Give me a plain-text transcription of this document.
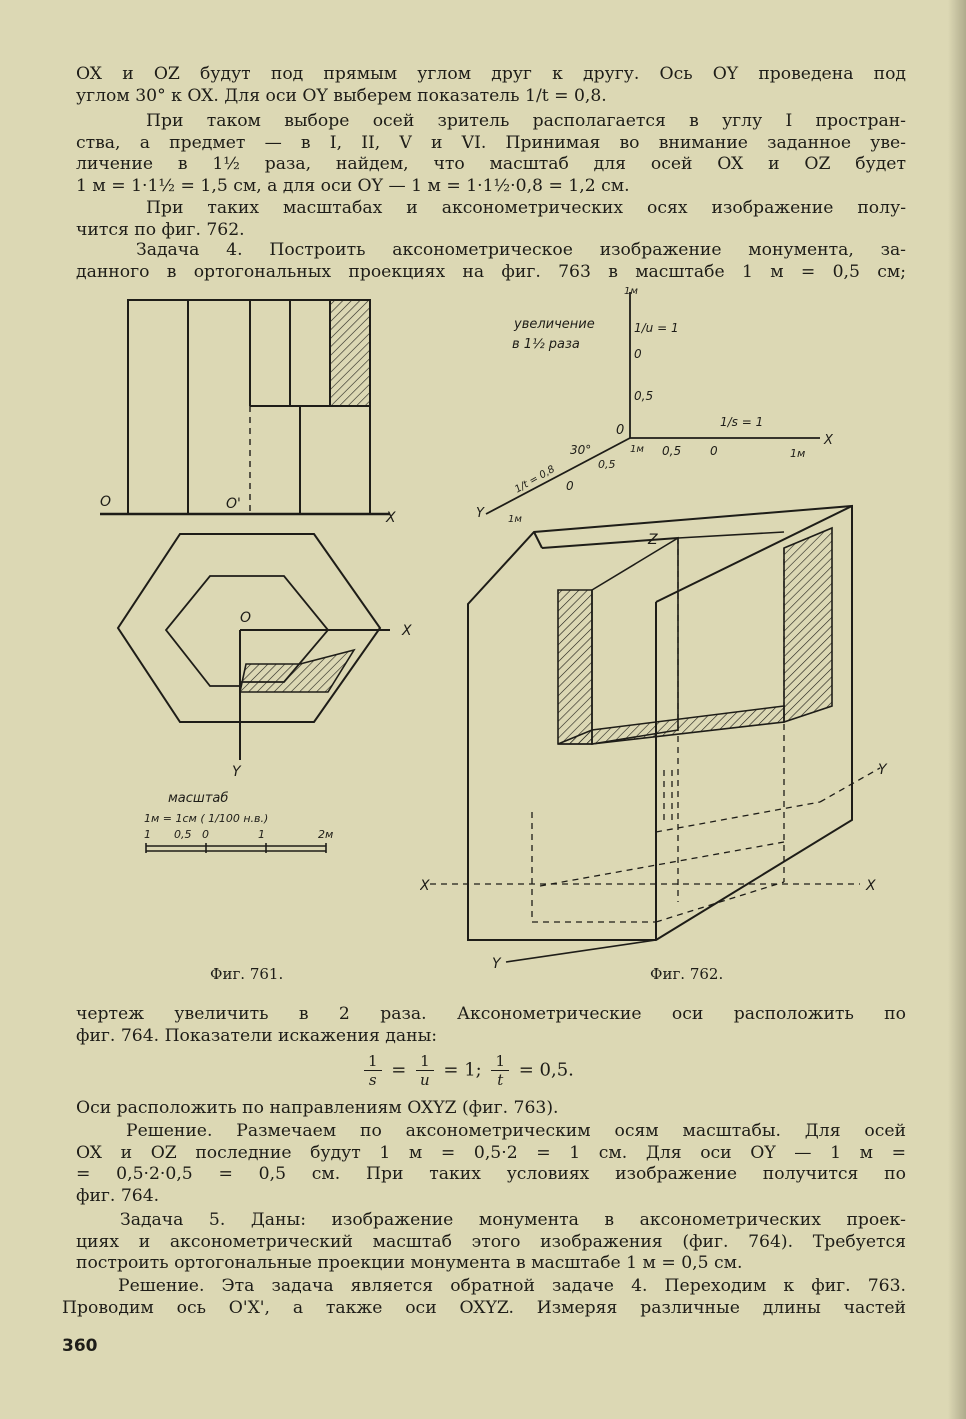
OX и OZ будут под прямым углом друг к другу. Ось OY проведена под
углом 30° к OX. Для оси OY выберем показатель 1/t = 0,8.
При таком выборе осей зритель располагается в углу I простран-
ства, а предмет — в I, II, V и VI. Принимая во внимание заданное уве-
личение в 1½ раза, найдем, что масштаб для осей OX и OZ будет
1 м = 1·1½ = 1,5 см, а для оси OY — 1 м = 1·1½·0,8 = 1,2 см.
При таких масштабах и аксонометрических осях изображение полу-
чится по фиг. 762.
Задача 4. Построить аксонометрическое изображение монумента, за-
данного в ортогональных проекциях на фиг. 763 в масштабе 1 м = 0,5 см;
O	O'
X
O
X
Y
масштаб
1м = 1см ( 1/100 н.в.)
1 0,5 0	1	2м
Фиг. 761.
1м
1/u = 1
0
0,5
0
увеличение
в 1½ раза
1/s = 1
X
0,5 0	1м
1м
30°
0,5
0
1/t = 0,8
Y 1м
Z
X	X
Y
Y
Фиг. 762.
чертеж увеличить в 2 раза. Аксонометрические оси расположить по
фиг. 764. Показатели искажения даны:
$\frac{1}{s} = \frac{1}{u} = 1$; $\frac{1}{t} = 0,5$.
Оси расположить по направлениям OXYZ (фиг. 763).
Решение. Размечаем по аксонометрическим осям масштабы. Для осей
OX и OZ последние будут 1 м = 0,5·2 = 1 см. Для оси OY — 1 м =
= 0,5·2·0,5 = 0,5 см. При таких условиях изображение получится по
фиг. 764.
Задача 5. Даны: изображение монумента в аксонометрических проек-
циях и аксонометрический масштаб этого изображения (фиг. 764). Требуется
построить ортогональные проекции монумента в масштабе 1 м = 0,5 см.
Решение. Эта задача является обратной задаче 4. Переходим к фиг. 763.
Проводим ось O'X', а также оси OXYZ. Измеряя различные длины частей
360
